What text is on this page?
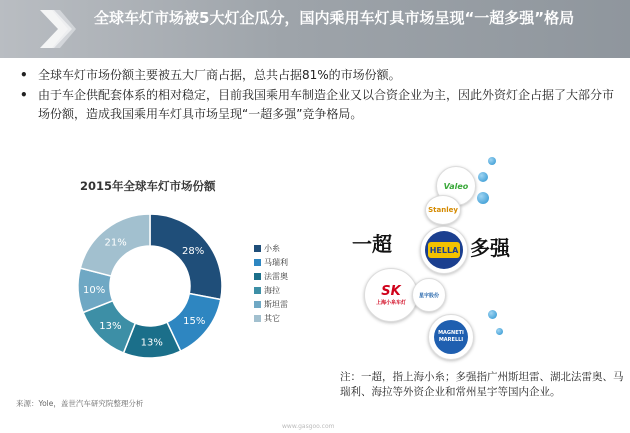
全球车灯市场被5大灯企瓜分，国内乘用车灯具市场呈现“一超多强”格局
• 全球车灯市场份额主要被五大厂商占据，总共占据81%的市场份额。
• 由于车企供配套体系的相对稳定，目前我国乘用车制造企业又以合资企业为主，因此外资灯企占据了大部分市场份额，造成我国乘用车灯具市场呈现“一超多强”竞争格局。
2015年全球车灯市场份额
28%
15%
13%
13%
10%
21%	小糸
马瑞利
法雷奥
海拉
斯坦雷
其它
来源：Yole，盖世汽车研究院整理分析
www.gasgoo.com
Valeo
Stanley
HELLA
SK
上海小糸车灯
星宇股份
MAGNETI MARELLI
一超	多强
注：一超，指上海小糸；多强指广州斯坦雷、湖北法雷奥、马瑞利、海拉等外资企业和常州星宇等国内企业。
